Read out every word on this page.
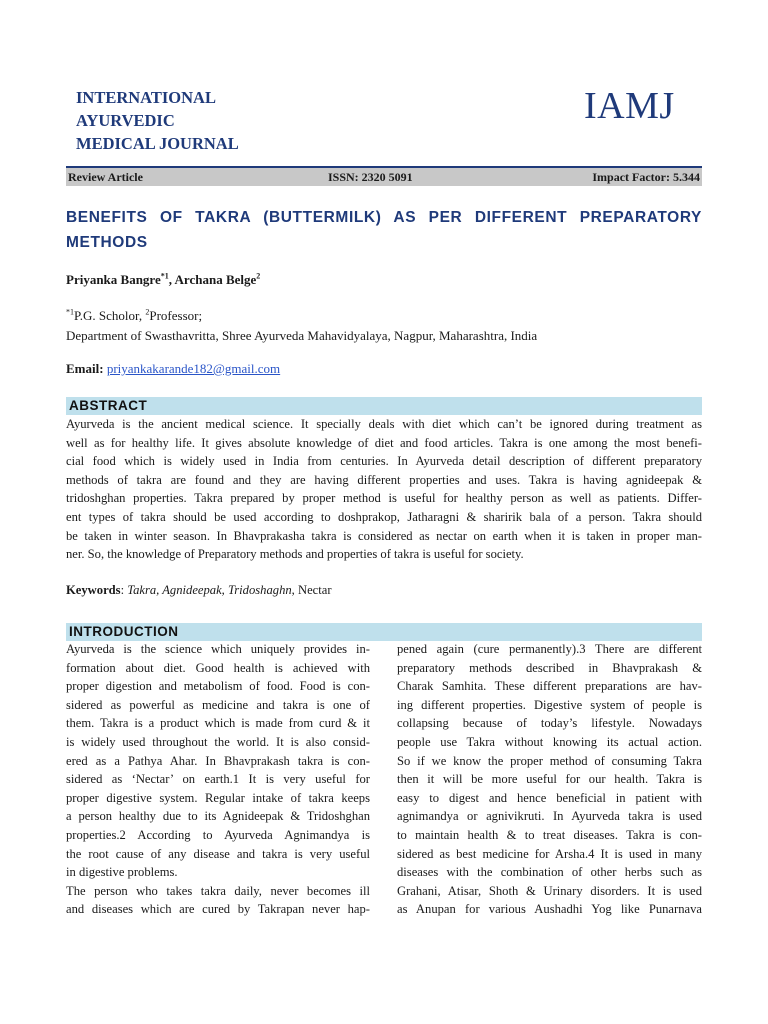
INTERNATIONAL
AYURVEDIC
MEDICAL JOURNAL
IAMJ
Review Article	ISSN: 2320 5091	Impact Factor: 5.344
BENEFITS OF TAKRA (BUTTERMILK) AS PER DIFFERENT PREPARATORY METHODS
Priyanka Bangre$^{*1}$, Archana Belge$^2$
$^{*1}$P.G. Scholor, $^2$Professor;
Department of Swasthavritta, Shree Ayurveda Mahavidyalaya, Nagpur, Maharashtra, India
Email: priyankakarande182@gmail.com
ABSTRACT
Ayurveda is the ancient medical science. It specially deals with diet which can’t be ignored during treatment as
well as for healthy life. It gives absolute knowledge of diet and food articles. Takra is one among the most benefi-
cial food which is widely used in India from centuries. In Ayurveda detail description of different preparatory
methods of takra are found and they are having different properties and uses. Takra is having agnideepak &
tridoshghan properties. Takra prepared by proper method is useful for healthy person as well as patients. Differ-
ent types of takra should be used according to doshprakop, Jatharagni & sharirik bala of a person. Takra should
be taken in winter season. In Bhavprakasha takra is considered as nectar on earth when it is taken in proper man-
ner. So, the knowledge of Preparatory methods and properties of takra is useful for society.
Keywords: Takra, Agnideepak, Tridoshaghn, Nectar
INTRODUCTION
Ayurveda is the science which uniquely provides in-
formation about diet. Good health is achieved with
proper digestion and metabolism of food. Food is con-
sidered as powerful as medicine and takra is one of
them. Takra is a product which is made from curd & it
is widely used throughout the world. It is also consid-
ered as a Pathya Ahar. In Bhavprakash takra is con-
sidered as ‘Nectar’ on earth.1 It is very useful for
proper digestive system. Regular intake of takra keeps
a person healthy due to its Agnideepak & Tridoshghan
properties.2 According to Ayurveda Agnimandya is
the root cause of any disease and takra is very useful
in digestive problems.
The person who takes takra daily, never becomes ill
and diseases which are cured by Takrapan never hap-
pened again (cure permanently).3 There are different
preparatory methods described in Bhavprakash &
Charak Samhita. These different preparations are hav-
ing different properties. Digestive system of people is
collapsing because of today’s lifestyle. Nowadays
people use Takra without knowing its actual action.
So if we know the proper method of consuming Takra
then it will be more useful for our health. Takra is
easy to digest and hence beneficial in patient with
agnimandya or agnivikruti. In Ayurveda takra is used
to maintain health & to treat diseases. Takra is con-
sidered as best medicine for Arsha.4 It is used in many
diseases with the combination of other herbs such as
Grahani, Atisar, Shoth & Urinary disorders. It is used
as Anupan for various Aushadhi Yog like Punarnava
